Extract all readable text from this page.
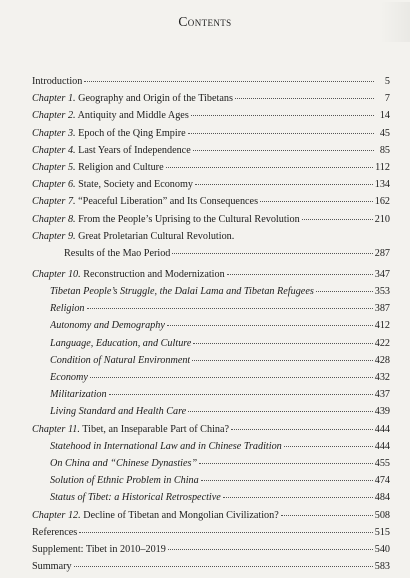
Contents
Introduction	5
Chapter 1. Geography and Origin of the Tibetans	7
Chapter 2. Antiquity and Middle Ages	14
Chapter 3. Epoch of the Qing Empire	45
Chapter 4. Last Years of Independence	85
Chapter 5. Religion and Culture	112
Chapter 6. State, Society and Economy	134
Chapter 7. “Peaceful Liberation” and Its Consequences	162
Chapter 8. From the People’s Uprising to the Cultural Revolution	210
Chapter 9. Great Proletarian Cultural Revolution.
Results of the Mao Period	287
Chapter 10. Reconstruction and Modernization	347
Tibetan People’s Struggle, the Dalai Lama and Tibetan Refugees	353
Religion	387
Autonomy and Demography	412
Language, Education, and Culture	422
Condition of Natural Environment	428
Economy	432
Militarization	437
Living Standard and Health Care	439
Chapter 11. Tibet, an Inseparable Part of China?	444
Statehood in International Law and in Chinese Tradition	444
On China and “Chinese Dynasties”	455
Solution of Ethnic Problem in China	474
Status of Tibet: a Historical Retrospective	484
Chapter 12. Decline of Tibetan and Mongolian Civilization?	508
References	515
Supplement: Tibet in 2010–2019	540
Summary	583
